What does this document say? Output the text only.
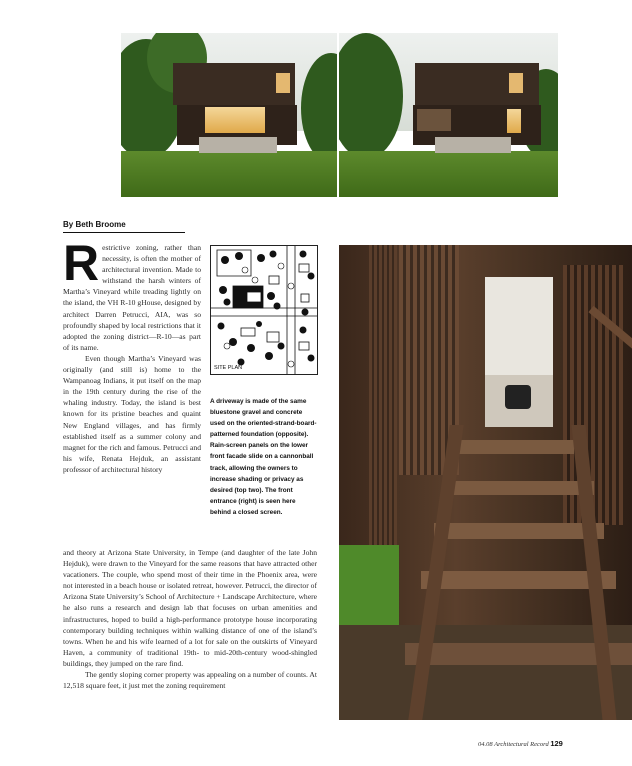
By Beth Broome

Restrictive zoning, rather than necessity, is often the mother of architectural invention. Made to withstand the harsh winters of Martha’s Vineyard while treading lightly on the island, the VH R-10 gHouse, designed by architect Darren Petrucci, AIA, was so profoundly shaped by local restrictions that it adopted the zoning district—R-10—as part of its name.

Even though Martha’s Vineyard was originally (and still is) home to the Wampanoag Indians, it put itself on the map in the 19th century during the rise of the whaling industry. Today, the island is best known for its pristine beaches and quaint New England villages, and has firmly established itself as a summer colony and magnet for the rich and famous. Petrucci and his wife, Renata Hejduk, an assistant professor of architectural history

and theory at Arizona State University, in Tempe (and daughter of the late John Hejduk), were drawn to the Vineyard for the same reasons that have attracted other vacationers. The couple, who spend most of their time in the Phoenix area, were not interested in a beach house or isolated retreat, however. Petrucci, the director of Arizona State University’s School of Architecture + Landscape Architecture, where he also runs a research and design lab that focuses on urban amenities and infrastructures, hoped to build a high-performance prototype house incorporating contemporary building techniques within walking distance of one of the island’s towns. When he and his wife learned of a lot for sale on the outskirts of Vineyard Haven, a community of traditional 19th- to mid-20th-century wood-shingled buildings, they jumped on the rare find.

The gently sloping corner property was appealing on a number of counts. At 12,518 square feet, it just met the zoning requirement

SITE PLAN
A driveway is made of the same bluestone gravel and concrete used on the oriented-strand-board-patterned foundation (opposite). Rain-screen panels on the lower front facade slide on a cannonball track, allowing the owners to increase shading or privacy as desired (top two). The front entrance (right) is seen here behind a closed screen.
04.08 Architectural Record 129
